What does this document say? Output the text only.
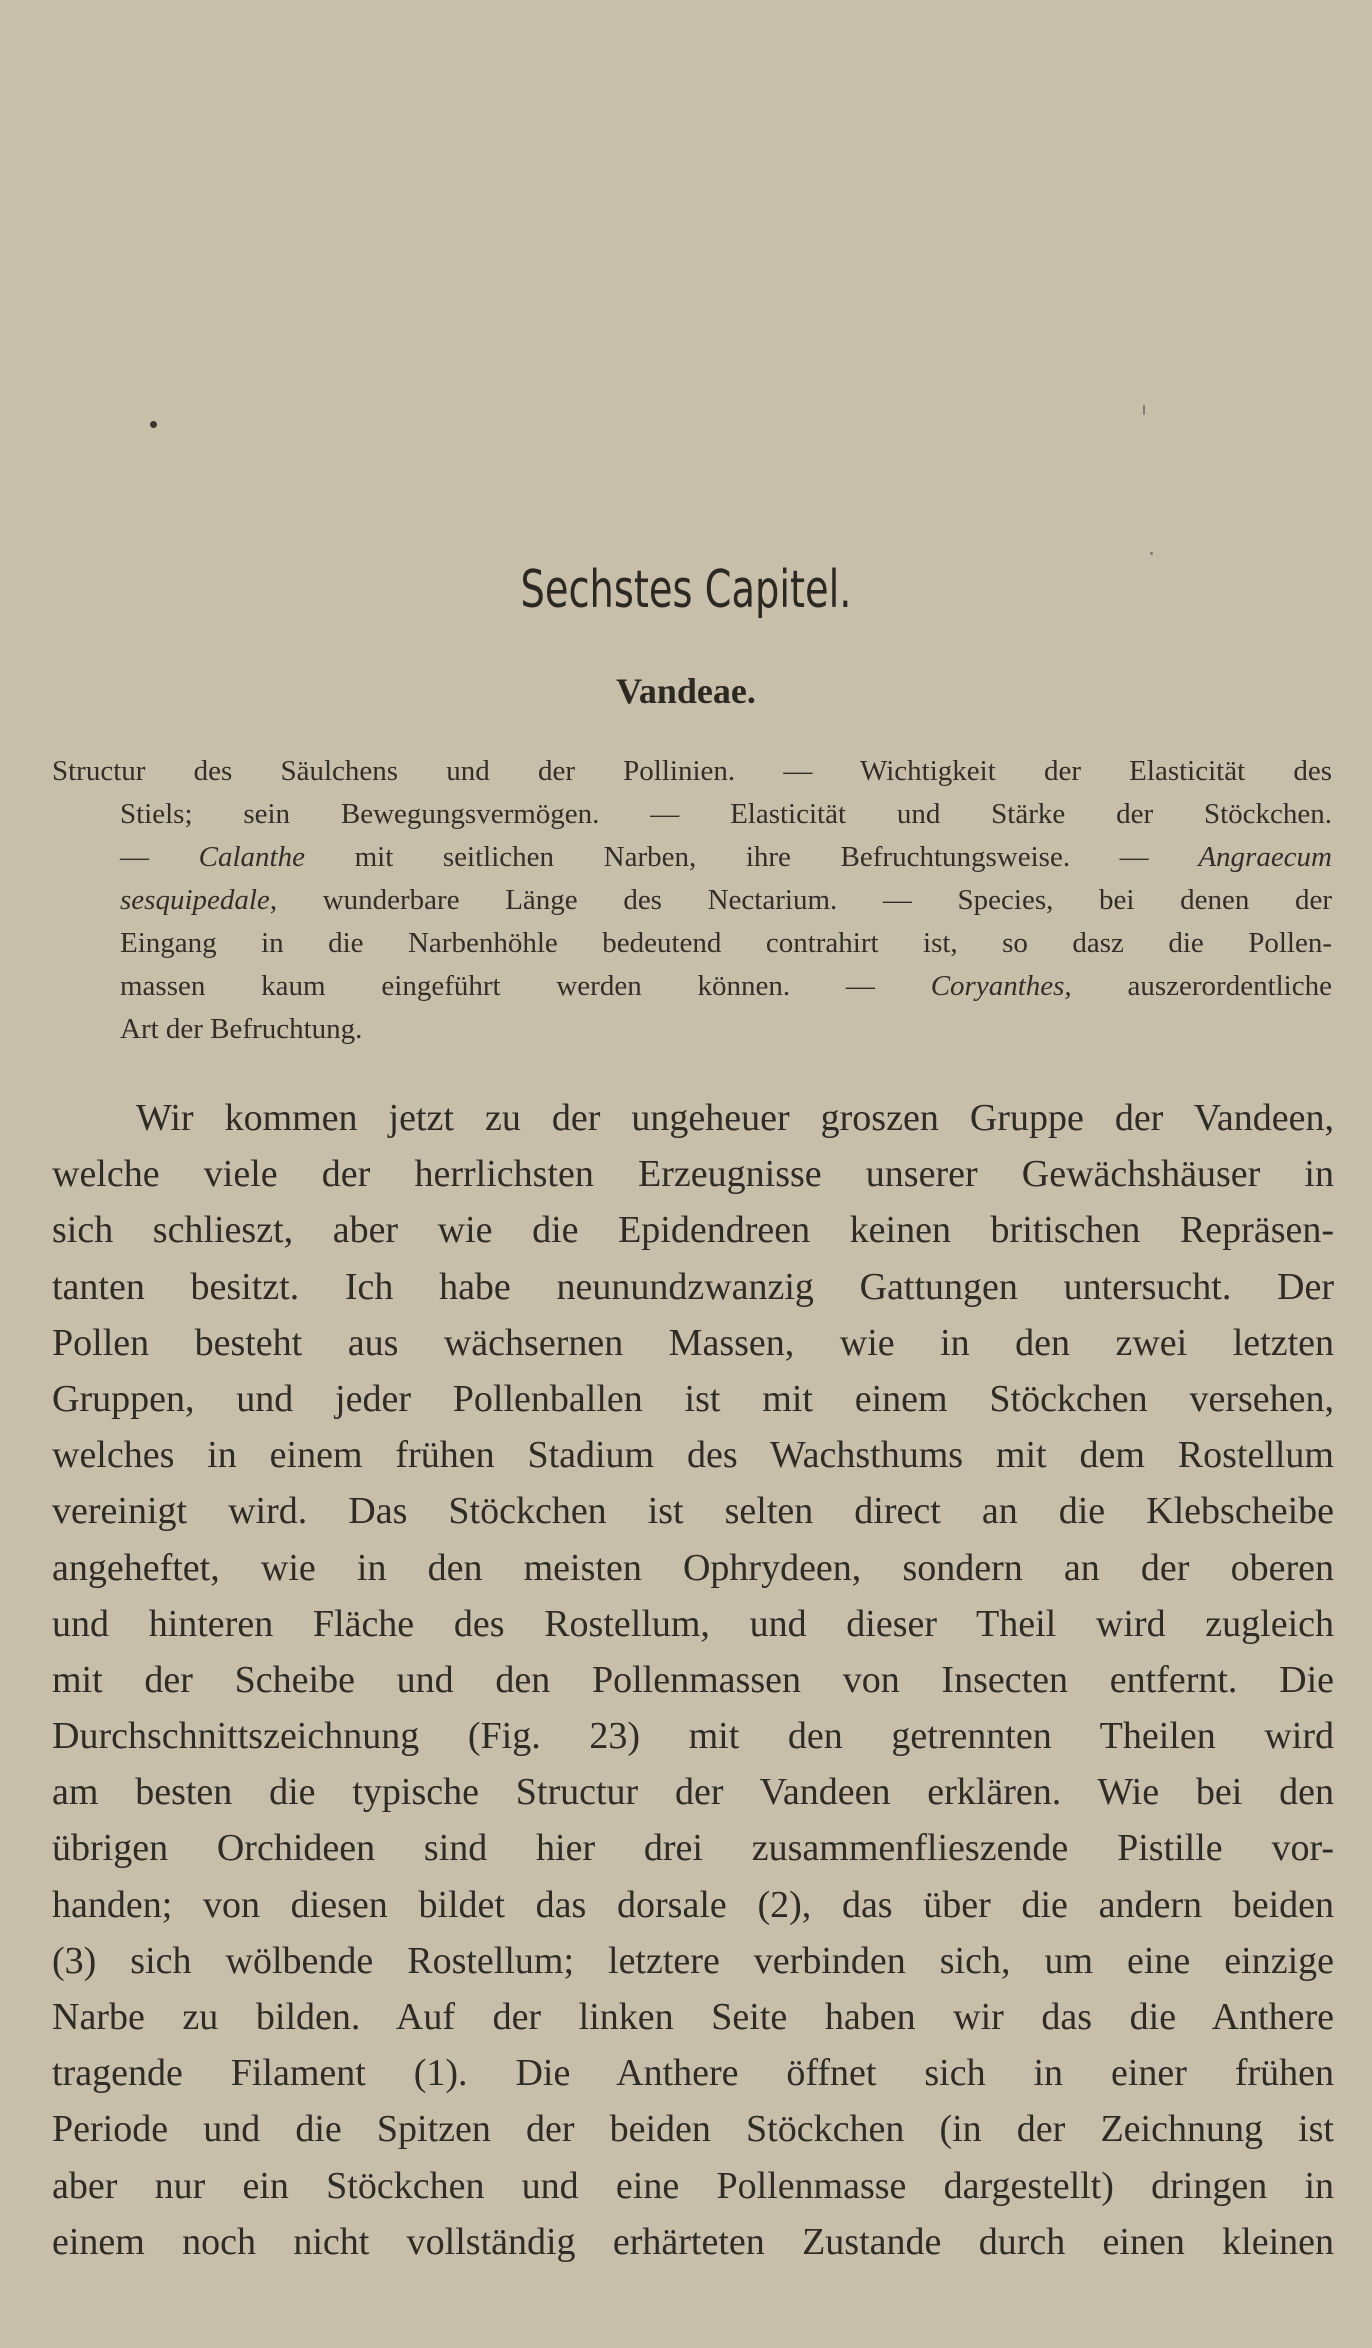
Sechstes Capitel.
Vandeae.
Structur des Säulchens und der Pollinien. — Wichtigkeit der Elasticität des
Stiels; sein Bewegungsvermögen. — Elasticität und Stärke der Stöckchen.
— Calanthe mit seitlichen Narben, ihre Befruchtungsweise. — Angraecum
sesquipedale, wunderbare Länge des Nectarium. — Species, bei denen der
Eingang in die Narbenhöhle bedeutend contrahirt ist, so dasz die Pollen-
massen kaum eingeführt werden können. — Coryanthes, auszerordentliche
Art der Befruchtung.
Wir kommen jetzt zu der ungeheuer groszen Gruppe der Vandeen,
welche viele der herrlichsten Erzeugnisse unserer Gewächshäuser in
sich schlieszt, aber wie die Epidendreen keinen britischen Repräsen-
tanten besitzt. Ich habe neunundzwanzig Gattungen untersucht. Der
Pollen besteht aus wächsernen Massen, wie in den zwei letzten
Gruppen, und jeder Pollenballen ist mit einem Stöckchen versehen,
welches in einem frühen Stadium des Wachsthums mit dem Rostellum
vereinigt wird. Das Stöckchen ist selten direct an die Klebscheibe
angeheftet, wie in den meisten Ophrydeen, sondern an der oberen
und hinteren Fläche des Rostellum, und dieser Theil wird zugleich
mit der Scheibe und den Pollenmassen von Insecten entfernt. Die
Durchschnittszeichnung (Fig. 23) mit den getrennten Theilen wird
am besten die typische Structur der Vandeen erklären. Wie bei den
übrigen Orchideen sind hier drei zusammenflieszende Pistille vor-
handen; von diesen bildet das dorsale (2), das über die andern beiden
(3) sich wölbende Rostellum; letztere verbinden sich, um eine einzige
Narbe zu bilden. Auf der linken Seite haben wir das die Anthere
tragende Filament (1). Die Anthere öffnet sich in einer frühen
Periode und die Spitzen der beiden Stöckchen (in der Zeichnung ist
aber nur ein Stöckchen und eine Pollenmasse dargestellt) dringen in
einem noch nicht vollständig erhärteten Zustande durch einen kleinen
